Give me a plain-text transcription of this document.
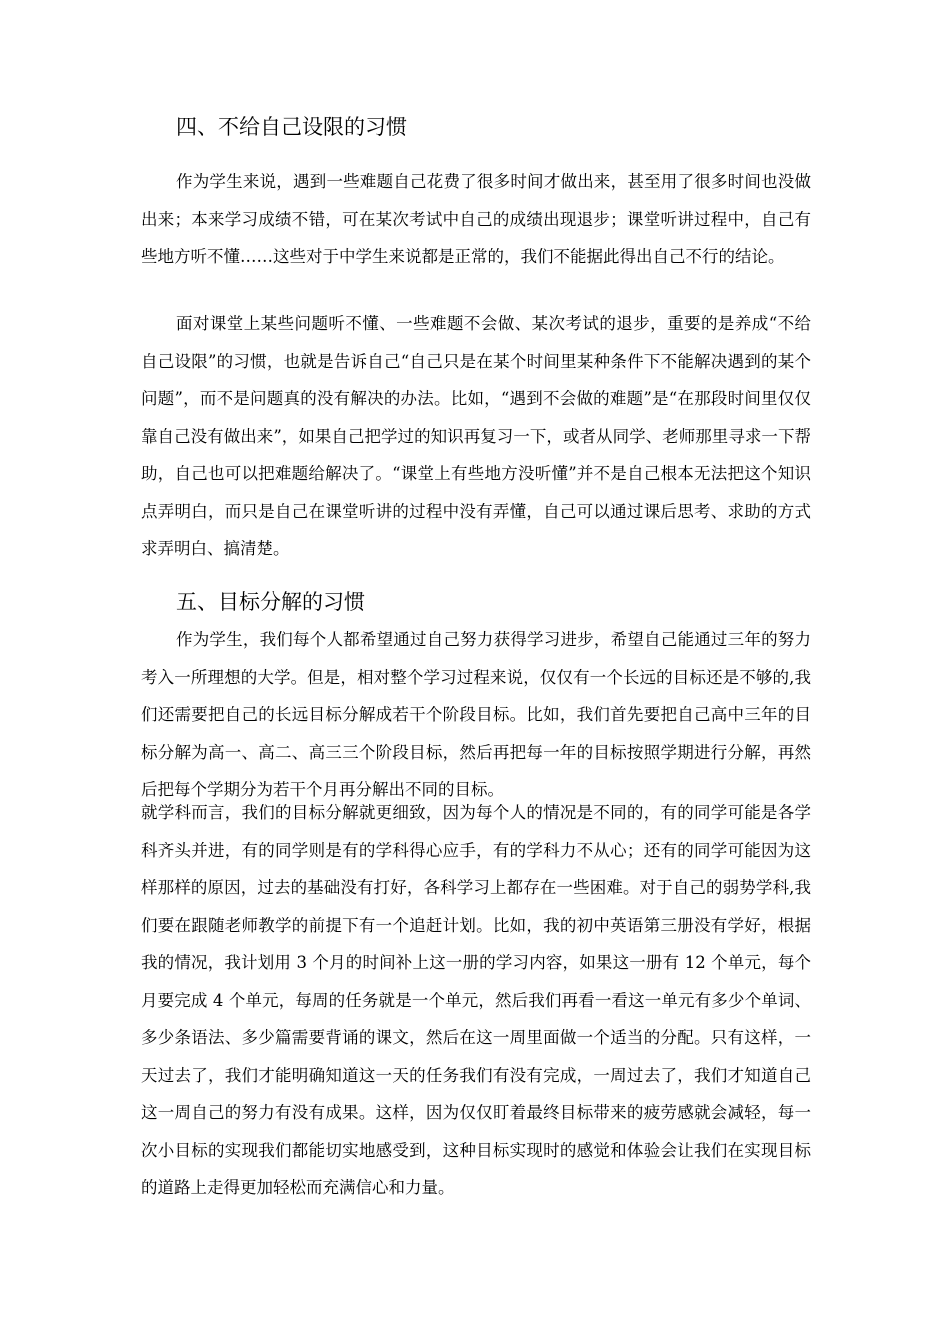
四、不给自己设限的习惯

作为学生来说，遇到一些难题自己花费了很多时间才做出来，甚至用了很多时间也没做出来；本来学习成绩不错，可在某次考试中自己的成绩出现退步；课堂听讲过程中，自己有些地方听不懂……这些对于中学生来说都是正常的，我们不能据此得出自己不行的结论。

面对课堂上某些问题听不懂、一些难题不会做、某次考试的退步，重要的是养成“不给自己设限”的习惯，也就是告诉自己“自己只是在某个时间里某种条件下不能解决遇到的某个问题”，而不是问题真的没有解决的办法。比如，“遇到不会做的难题”是“在那段时间里仅仅靠自己没有做出来”，如果自己把学过的知识再复习一下，或者从同学、老师那里寻求一下帮助，自己也可以把难题给解决了。“课堂上有些地方没听懂”并不是自己根本无法把这个知识点弄明白，而只是自己在课堂听讲的过程中没有弄懂，自己可以通过课后思考、求助的方式求弄明白、搞清楚。

五、目标分解的习惯

作为学生，我们每个人都希望通过自己努力获得学习进步，希望自己能通过三年的努力考入一所理想的大学。但是，相对整个学习过程来说，仅仅有一个长远的目标还是不够的,我们还需要把自己的长远目标分解成若干个阶段目标。比如，我们首先要把自己高中三年的目标分解为高一、高二、高三三个阶段目标，然后再把每一年的目标按照学期进行分解，再然后把每个学期分为若干个月再分解出不同的目标。

就学科而言，我们的目标分解就更细致，因为每个人的情况是不同的，有的同学可能是各学科齐头并进，有的同学则是有的学科得心应手，有的学科力不从心；还有的同学可能因为这样那样的原因，过去的基础没有打好，各科学习上都存在一些困难。对于自己的弱势学科,我们要在跟随老师教学的前提下有一个追赶计划。比如，我的初中英语第三册没有学好，根据我的情况，我计划用 3 个月的时间补上这一册的学习内容，如果这一册有 12 个单元，每个月要完成 4 个单元，每周的任务就是一个单元，然后我们再看一看这一单元有多少个单词、多少条语法、多少篇需要背诵的课文，然后在这一周里面做一个适当的分配。只有这样，一天过去了，我们才能明确知道这一天的任务我们有没有完成，一周过去了，我们才知道自己这一周自己的努力有没有成果。这样，因为仅仅盯着最终目标带来的疲劳感就会减轻，每一次小目标的实现我们都能切实地感受到，这种目标实现时的感觉和体验会让我们在实现目标的道路上走得更加轻松而充满信心和力量。
